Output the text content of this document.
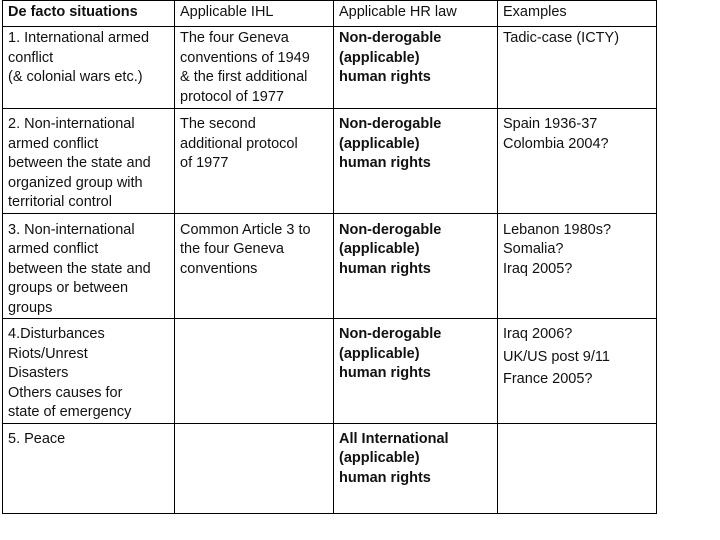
De facto situations	Applicable IHL	Applicable HR law	Examples

1. International armed
conflict
(& colonial wars etc.)	The four Geneva
conventions of 1949
& the first additional
protocol of 1977	Non-derogable
(applicable)
human rights	Tadic-case (ICTY)

2. Non-international
armed conflict
between the state and
organized group with
territorial control	The second
additional protocol
of 1977	Non-derogable
(applicable)
human rights	Spain 1936-37
Colombia 2004?

3. Non-international
armed conflict
between the state and
groups or between
groups	Common Article 3 to
the four Geneva
conventions	Non-derogable
(applicable)
human rights	Lebanon 1980s?
Somalia?
Iraq 2005?

4.Disturbances
Riots/Unrest
Disasters
Others causes for
state of emergency		Non-derogable
(applicable)
human rights	Iraq 2006?
UK/US post 9/11
France 2005?

5. Peace		All International
(applicable)
human rights	
